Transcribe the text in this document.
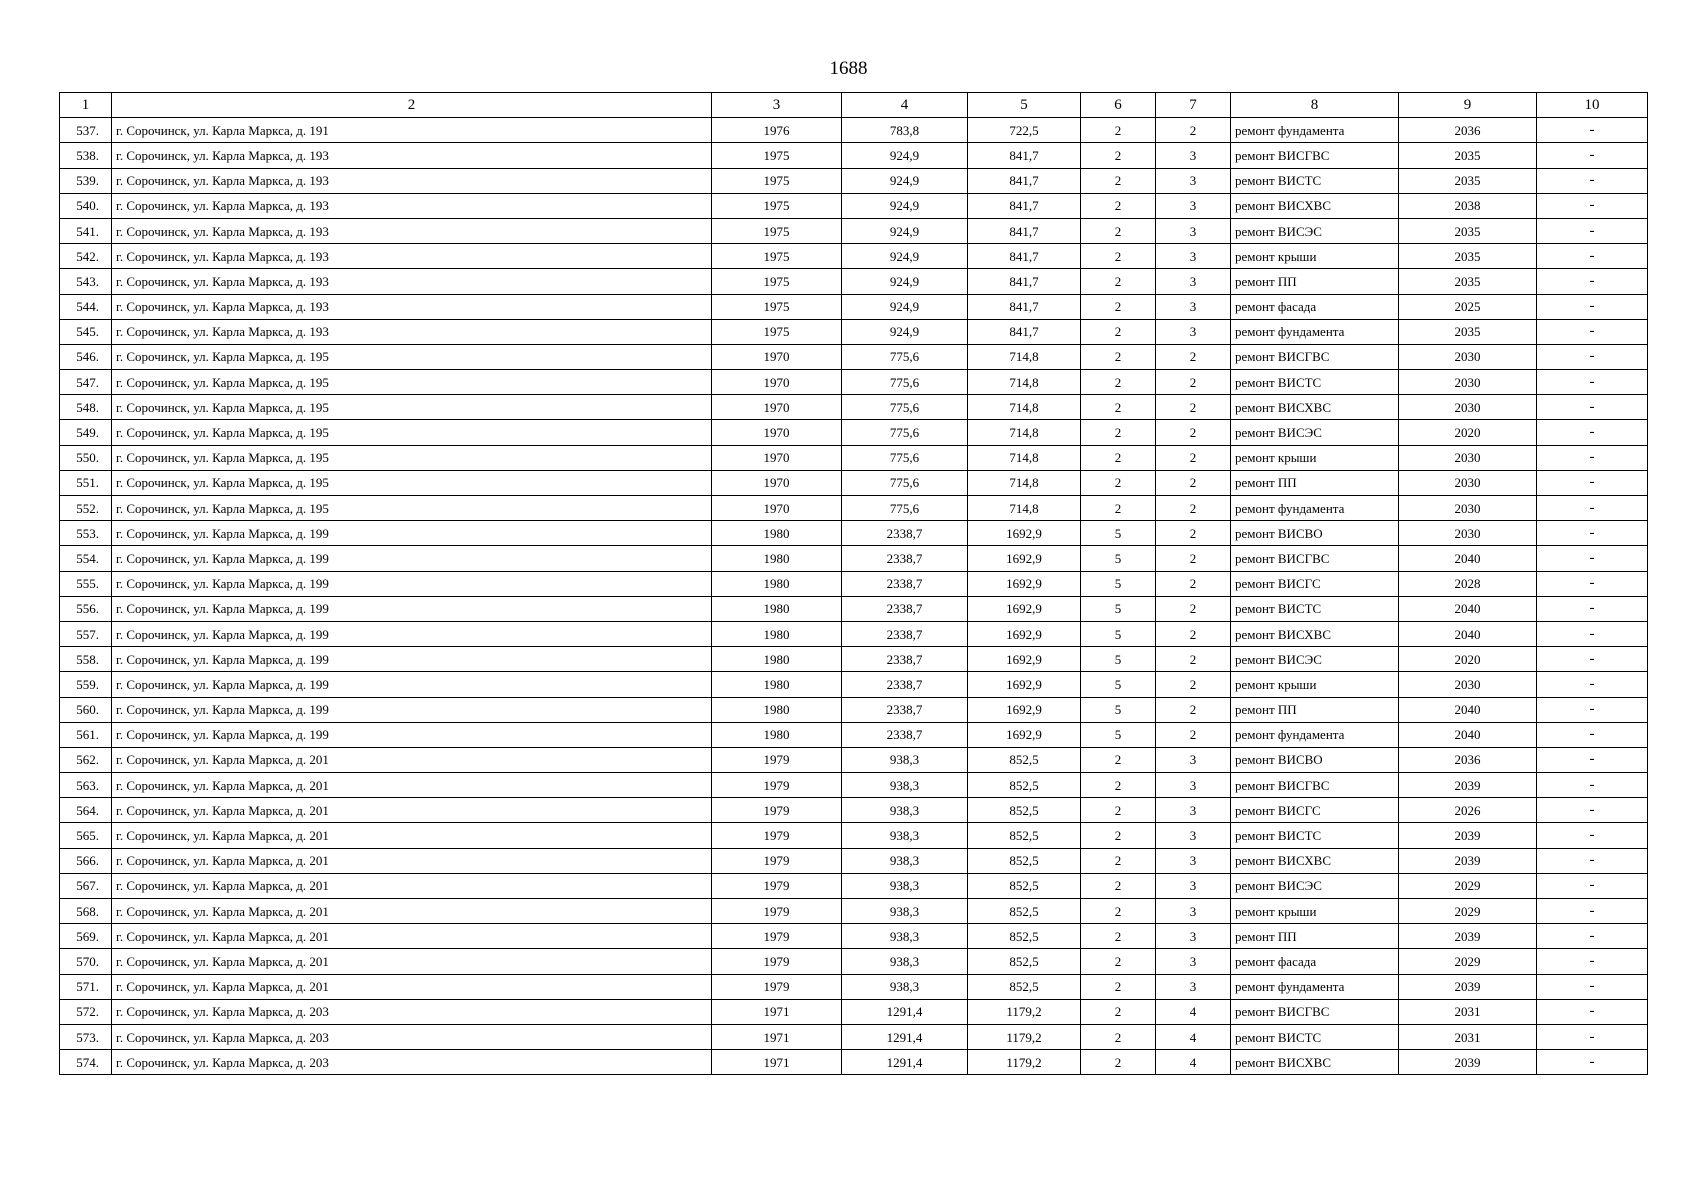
1688
1	2	3	4	5	6	7	8	9	10
537.	г. Сорочинск, ул. Карла Маркса, д. 191	1976	783,8	722,5	2	2	ремонт фундамента	2036	-
538.	г. Сорочинск, ул. Карла Маркса, д. 193	1975	924,9	841,7	2	3	ремонт ВИСГВС	2035	-
539.	г. Сорочинск, ул. Карла Маркса, д. 193	1975	924,9	841,7	2	3	ремонт ВИСТС	2035	-
540.	г. Сорочинск, ул. Карла Маркса, д. 193	1975	924,9	841,7	2	3	ремонт ВИСХВС	2038	-
541.	г. Сорочинск, ул. Карла Маркса, д. 193	1975	924,9	841,7	2	3	ремонт ВИСЭС	2035	-
542.	г. Сорочинск, ул. Карла Маркса, д. 193	1975	924,9	841,7	2	3	ремонт крыши	2035	-
543.	г. Сорочинск, ул. Карла Маркса, д. 193	1975	924,9	841,7	2	3	ремонт ПП	2035	-
544.	г. Сорочинск, ул. Карла Маркса, д. 193	1975	924,9	841,7	2	3	ремонт фасада	2025	-
545.	г. Сорочинск, ул. Карла Маркса, д. 193	1975	924,9	841,7	2	3	ремонт фундамента	2035	-
546.	г. Сорочинск, ул. Карла Маркса, д. 195	1970	775,6	714,8	2	2	ремонт ВИСГВС	2030	-
547.	г. Сорочинск, ул. Карла Маркса, д. 195	1970	775,6	714,8	2	2	ремонт ВИСТС	2030	-
548.	г. Сорочинск, ул. Карла Маркса, д. 195	1970	775,6	714,8	2	2	ремонт ВИСХВС	2030	-
549.	г. Сорочинск, ул. Карла Маркса, д. 195	1970	775,6	714,8	2	2	ремонт ВИСЭС	2020	-
550.	г. Сорочинск, ул. Карла Маркса, д. 195	1970	775,6	714,8	2	2	ремонт крыши	2030	-
551.	г. Сорочинск, ул. Карла Маркса, д. 195	1970	775,6	714,8	2	2	ремонт ПП	2030	-
552.	г. Сорочинск, ул. Карла Маркса, д. 195	1970	775,6	714,8	2	2	ремонт фундамента	2030	-
553.	г. Сорочинск, ул. Карла Маркса, д. 199	1980	2338,7	1692,9	5	2	ремонт ВИСВО	2030	-
554.	г. Сорочинск, ул. Карла Маркса, д. 199	1980	2338,7	1692,9	5	2	ремонт ВИСГВС	2040	-
555.	г. Сорочинск, ул. Карла Маркса, д. 199	1980	2338,7	1692,9	5	2	ремонт ВИСГС	2028	-
556.	г. Сорочинск, ул. Карла Маркса, д. 199	1980	2338,7	1692,9	5	2	ремонт ВИСТС	2040	-
557.	г. Сорочинск, ул. Карла Маркса, д. 199	1980	2338,7	1692,9	5	2	ремонт ВИСХВС	2040	-
558.	г. Сорочинск, ул. Карла Маркса, д. 199	1980	2338,7	1692,9	5	2	ремонт ВИСЭС	2020	-
559.	г. Сорочинск, ул. Карла Маркса, д. 199	1980	2338,7	1692,9	5	2	ремонт крыши	2030	-
560.	г. Сорочинск, ул. Карла Маркса, д. 199	1980	2338,7	1692,9	5	2	ремонт ПП	2040	-
561.	г. Сорочинск, ул. Карла Маркса, д. 199	1980	2338,7	1692,9	5	2	ремонт фундамента	2040	-
562.	г. Сорочинск, ул. Карла Маркса, д. 201	1979	938,3	852,5	2	3	ремонт ВИСВО	2036	-
563.	г. Сорочинск, ул. Карла Маркса, д. 201	1979	938,3	852,5	2	3	ремонт ВИСГВС	2039	-
564.	г. Сорочинск, ул. Карла Маркса, д. 201	1979	938,3	852,5	2	3	ремонт ВИСГС	2026	-
565.	г. Сорочинск, ул. Карла Маркса, д. 201	1979	938,3	852,5	2	3	ремонт ВИСТС	2039	-
566.	г. Сорочинск, ул. Карла Маркса, д. 201	1979	938,3	852,5	2	3	ремонт ВИСХВС	2039	-
567.	г. Сорочинск, ул. Карла Маркса, д. 201	1979	938,3	852,5	2	3	ремонт ВИСЭС	2029	-
568.	г. Сорочинск, ул. Карла Маркса, д. 201	1979	938,3	852,5	2	3	ремонт крыши	2029	-
569.	г. Сорочинск, ул. Карла Маркса, д. 201	1979	938,3	852,5	2	3	ремонт ПП	2039	-
570.	г. Сорочинск, ул. Карла Маркса, д. 201	1979	938,3	852,5	2	3	ремонт фасада	2029	-
571.	г. Сорочинск, ул. Карла Маркса, д. 201	1979	938,3	852,5	2	3	ремонт фундамента	2039	-
572.	г. Сорочинск, ул. Карла Маркса, д. 203	1971	1291,4	1179,2	2	4	ремонт ВИСГВС	2031	-
573.	г. Сорочинск, ул. Карла Маркса, д. 203	1971	1291,4	1179,2	2	4	ремонт ВИСТС	2031	-
574.	г. Сорочинск, ул. Карла Маркса, д. 203	1971	1291,4	1179,2	2	4	ремонт ВИСХВС	2039	-
